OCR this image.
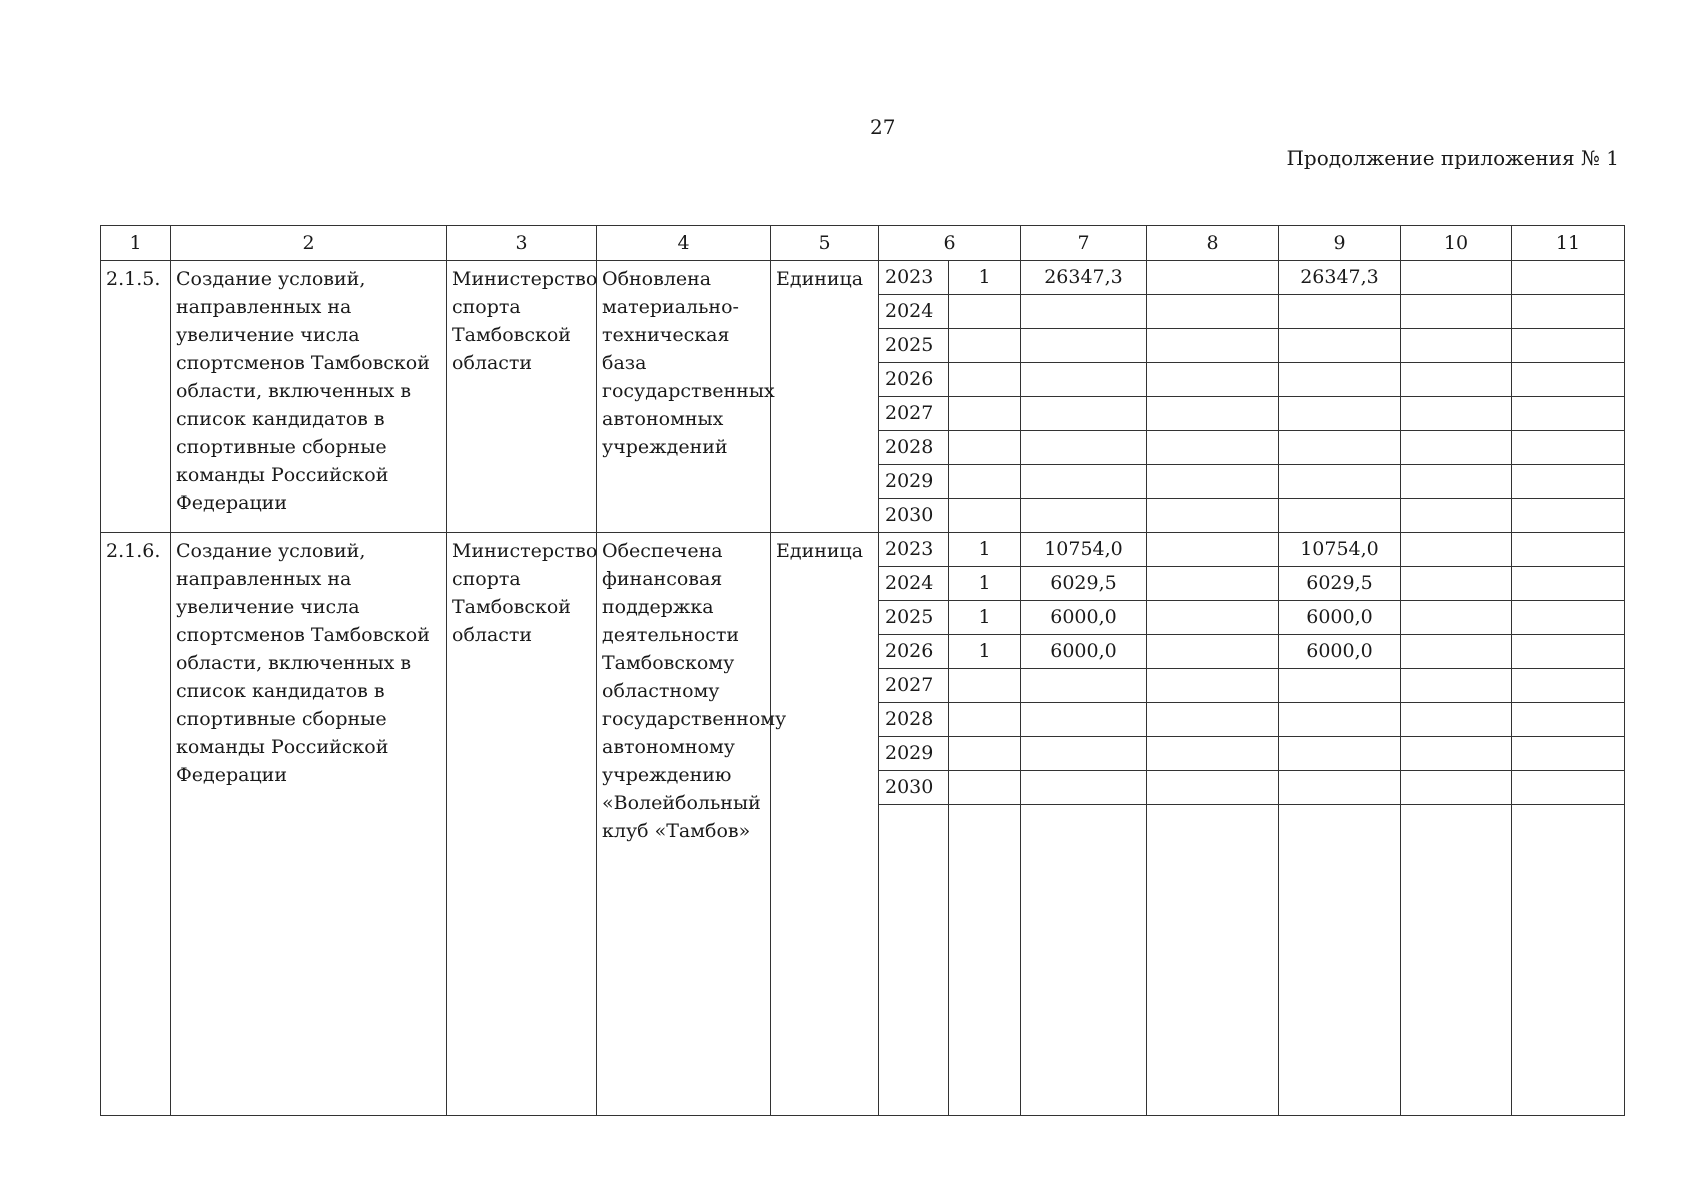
27
Продолжение приложения № 1
1	2	3	4	5	6		7	8	9	10	11
2.1.5.	Создание условий, направленных на увеличение числа спортсменов Тамбовской области, включенных в список кандидатов в спортивные сборные команды Российской Федерации	Министерство спорта Тамбовской области	Обновлена материально-техническая база государственных автономных учреждений	Единица	2023	1	26347,3		26347,3		
					2024						
					2025						
					2026						
					2027						
					2028						
					2029						
					2030						
2.1.6.	Создание условий, направленных на увеличение числа спортсменов Тамбовской области, включенных в список кандидатов в спортивные сборные команды Российской Федерации	Министерство спорта Тамбовской области	Обеспечена финансовая поддержка деятельности Тамбовскому областному государственному автономному учреждению «Волейбольный клуб «Тамбов»	Единица	2023	1	10754,0		10754,0		
					2024	1	6029,5		6029,5		
					2025	1	6000,0		6000,0		
					2026	1	6000,0		6000,0		
					2027						
					2028						
					2029						
					2030						
